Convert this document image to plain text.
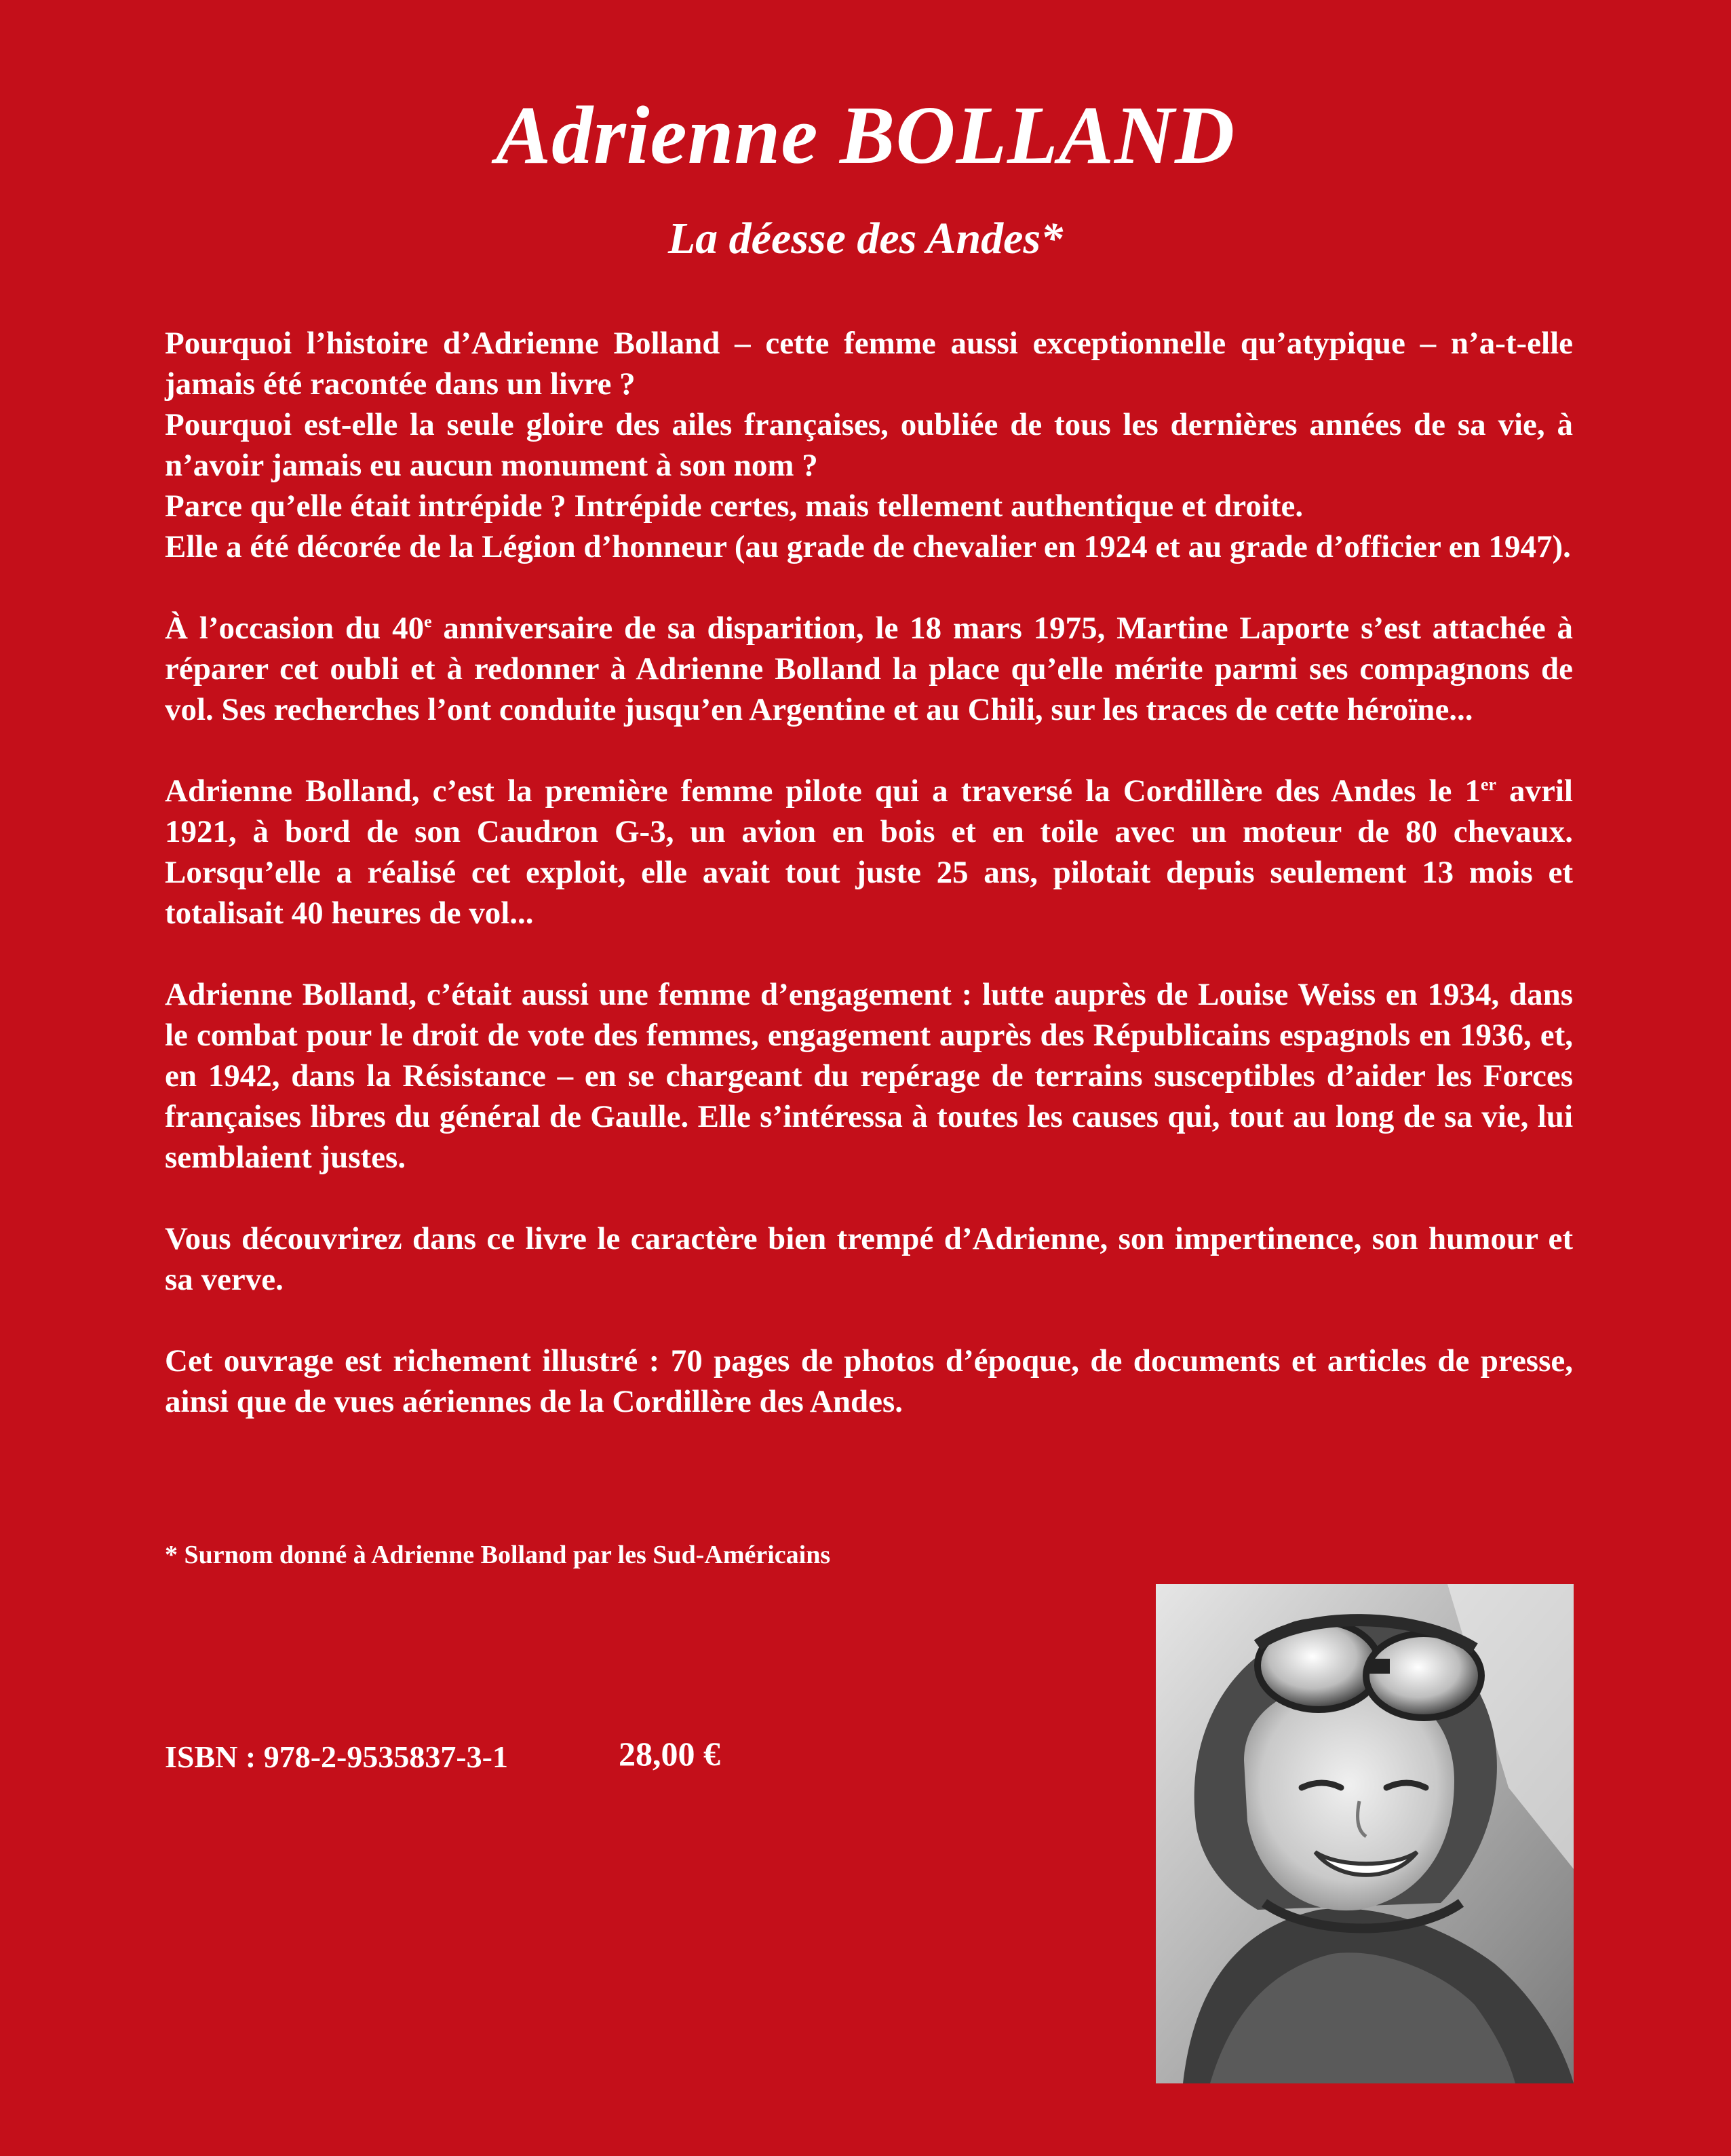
Adrienne BOLLAND
La déesse des Andes*

Pourquoi l’histoire d’Adrienne Bolland – cette femme aussi exceptionnelle qu’atypique – n’a-t-elle jamais été racontée dans un livre ?
Pourquoi est-elle la seule gloire des ailes françaises, oubliée de tous les dernières années de sa vie, à n’avoir jamais eu aucun monument à son nom ?
Parce qu’elle était intrépide ? Intrépide certes, mais tellement authentique et droite.
Elle a été décorée de la Légion d’honneur (au grade de chevalier en 1924 et au grade d’officier en 1947).

À l’occasion du 40e anniversaire de sa disparition, le 18 mars 1975, Martine Laporte s’est attachée à réparer cet oubli et à redonner à Adrienne Bolland la place qu’elle mérite parmi ses compagnons de vol. Ses recherches l’ont conduite jusqu’en Argentine et au Chili, sur les traces de cette héroïne...

Adrienne Bolland, c’est la première femme pilote qui a traversé la Cordillère des Andes le 1er avril 1921, à bord de son Caudron G-3, un avion en bois et en toile avec un moteur de 80 chevaux. Lorsqu’elle a réalisé cet exploit, elle avait tout juste 25 ans, pilotait depuis seulement 13 mois et totalisait 40 heures de vol...

Adrienne Bolland, c’était aussi une femme d’engagement : lutte auprès de Louise Weiss en 1934, dans le combat pour le droit de vote des femmes, engagement auprès des Républicains espagnols en 1936, et, en 1942, dans la Résistance – en se chargeant du repérage de terrains susceptibles d’aider les Forces françaises libres du général de Gaulle. Elle s’intéressa à toutes les causes qui, tout au long de sa vie, lui semblaient justes.

Vous découvrirez dans ce livre le caractère bien trempé d’Adrienne, son impertinence, son humour et sa verve.

Cet ouvrage est richement illustré : 70 pages de photos d’époque, de documents et articles de presse, ainsi que de vues aériennes de la Cordillère des Andes.

* Surnom donné à Adrienne Bolland par les Sud-Américains

ISBN : 978-2-9535837-3-1	28,00 €
